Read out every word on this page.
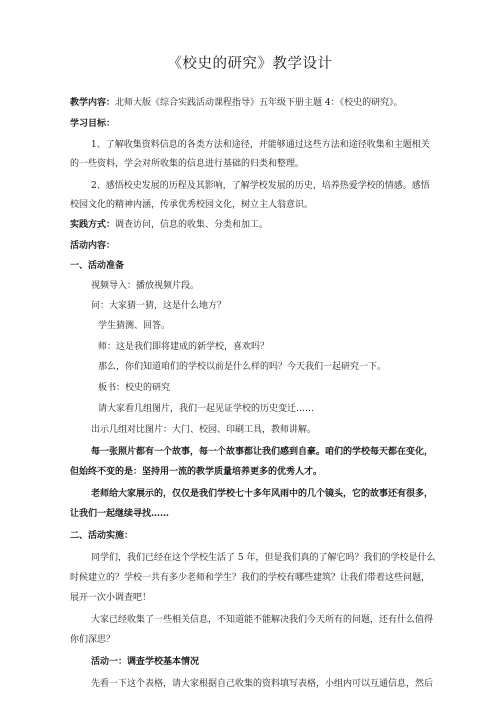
《校史的研究》教学设计
教学内容：北师大版《综合实践活动课程指导》五年级下册主题 4：《校史的研究》。
学习目标：
1、了解收集资料信息的各类方法和途径，并能够通过这些方法和途径收集和主题相关
的一些资料，学会对所收集的信息进行基础的归类和整理。
2、感悟校史发展的历程及其影响，了解学校发展的历史，培养热爱学校的情感。感悟
校园文化的精神内涵，传承优秀校园文化，树立主人翁意识。
实践方式：调查访问，信息的收集、分类和加工。
活动内容：
一、活动准备
视频导入：播放视频片段。
问：大家猜一猜，这是什么地方？
学生猜测、回答。
师：这是我们即将建成的新学校，喜欢吗？
那么，你们知道咱们的学校以前是什么样的吗？今天我们一起研究一下。
板书：校史的研究
请大家看几组图片，我们一起见证学校的历史变迁……
出示几组对比图片：大门、校园、印刷工具，教师讲解。
每一张照片都有一个故事，每一个故事都让我们感到自豪。咱们的学校每天都在变化，
但始终不变的是：坚持用一流的教学质量培养更多的优秀人才。
老师给大家展示的，仅仅是我们学校七十多年风雨中的几个镜头，它的故事还有很多，
让我们一起继续寻找……
二、活动实施：
同学们，我们已经在这个学校生活了 5 年，但是我们真的了解它吗？我们的学校是什么
时候建立的？学校一共有多少老师和学生？我们的学校有哪些建筑？让我们带着这些问题，
展开一次小调查吧！
大家已经收集了一些相关信息，不知道能不能解决我们今天所有的问题，还有什么值得
你们深思？
活动一：调查学校基本情况
先看一下这个表格，请大家根据自己收集的资料填写表格，小组内可以互通信息，然后
